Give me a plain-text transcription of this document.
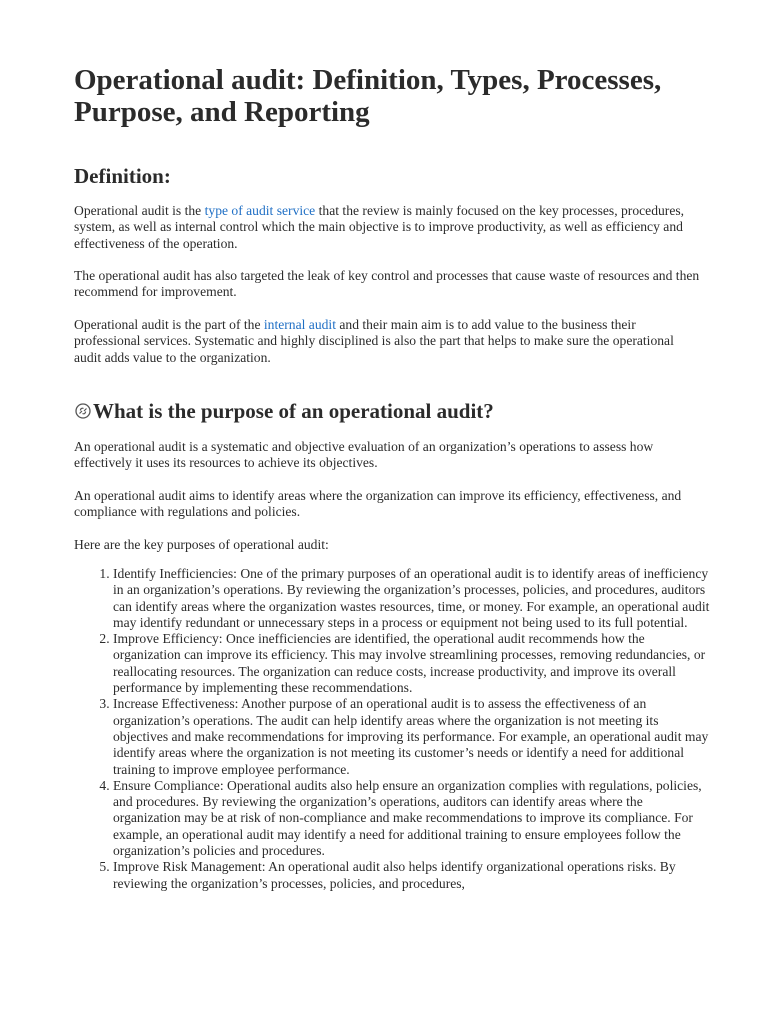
Operational audit: Definition, Types, Processes, Purpose, and Reporting
Definition:

Operational audit is the type of audit service that the review is mainly focused on the key processes, procedures, system, as well as internal control which the main objective is to improve productivity, as well as efficiency and effectiveness of the operation.

The operational audit has also targeted the leak of key control and processes that cause waste of resources and then recommend for improvement.

Operational audit is the part of the internal audit and their main aim is to add value to the business their professional services. Systematic and highly disciplined is also the part that helps to make sure the operational audit adds value to the organization.

What is the purpose of an operational audit?

An operational audit is a systematic and objective evaluation of an organization’s operations to assess how effectively it uses its resources to achieve its objectives.

An operational audit aims to identify areas where the organization can improve its efficiency, effectiveness, and compliance with regulations and policies.

Here are the key purposes of operational audit:

1. Identify Inefficiencies: One of the primary purposes of an operational audit is to identify areas of inefficiency in an organization’s operations. By reviewing the organization’s processes, policies, and procedures, auditors can identify areas where the organization wastes resources, time, or money. For example, an operational audit may identify redundant or unnecessary steps in a process or equipment not being used to its full potential.
2. Improve Efficiency: Once inefficiencies are identified, the operational audit recommends how the organization can improve its efficiency. This may involve streamlining processes, removing redundancies, or reallocating resources. The organization can reduce costs, increase productivity, and improve its overall performance by implementing these recommendations.
3. Increase Effectiveness: Another purpose of an operational audit is to assess the effectiveness of an organization’s operations. The audit can help identify areas where the organization is not meeting its objectives and make recommendations for improving its performance. For example, an operational audit may identify areas where the organization is not meeting its customer’s needs or identify a need for additional training to improve employee performance.
4. Ensure Compliance: Operational audits also help ensure an organization complies with regulations, policies, and procedures. By reviewing the organization’s operations, auditors can identify areas where the organization may be at risk of non-compliance and make recommendations to improve its compliance. For example, an operational audit may identify a need for additional training to ensure employees follow the organization’s policies and procedures.
5. Improve Risk Management: An operational audit also helps identify organizational operations risks. By reviewing the organization’s processes, policies, and procedures,
